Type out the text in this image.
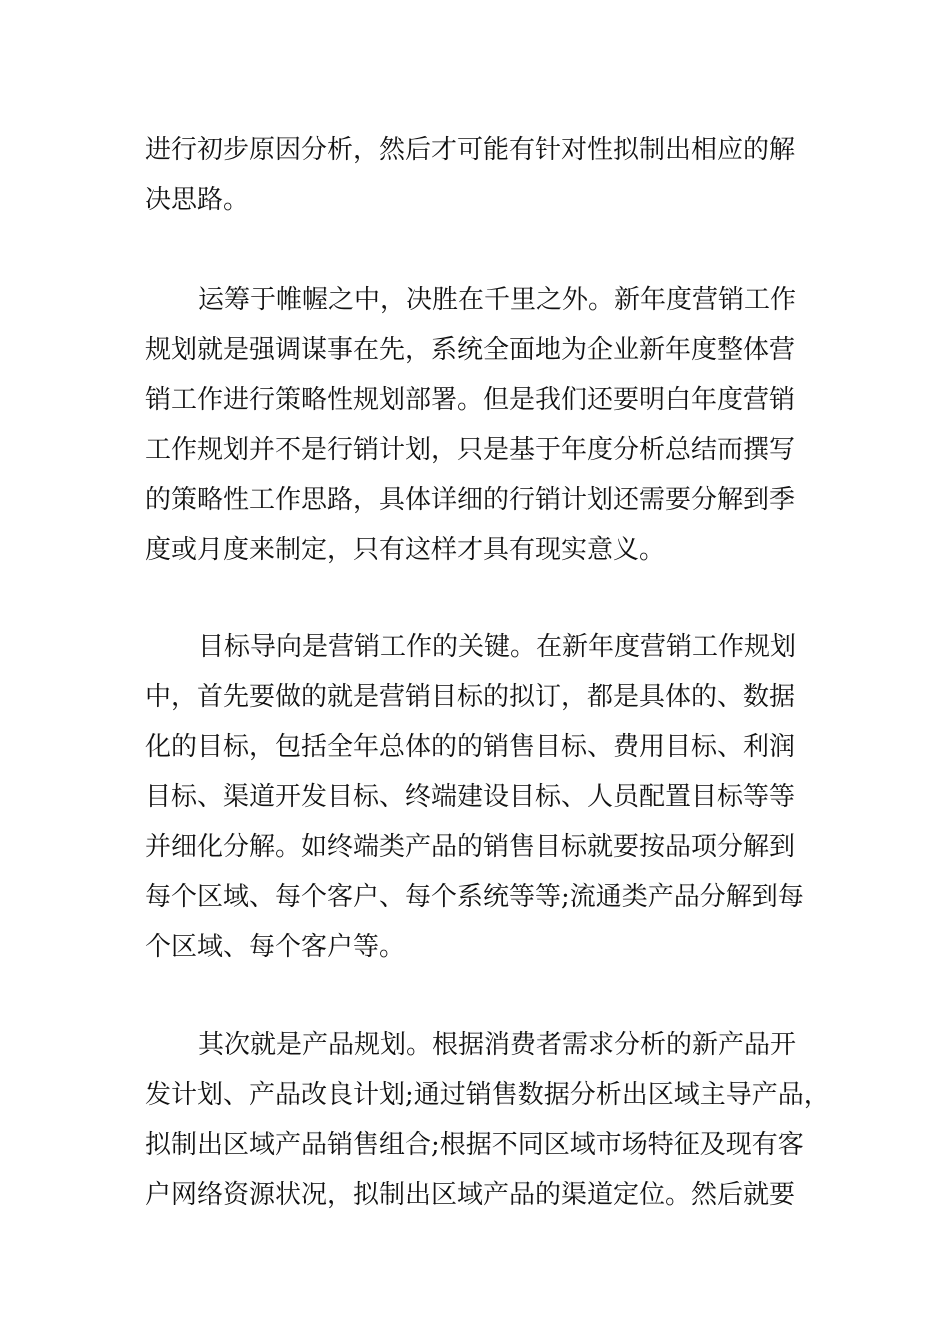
进行初步原因分析，然后才可能有针对性拟制出相应的解
决思路。
运筹于帷幄之中，决胜在千里之外。新年度营销工作
规划就是强调谋事在先，系统全面地为企业新年度整体营
销工作进行策略性规划部署。但是我们还要明白年度营销
工作规划并不是行销计划，只是基于年度分析总结而撰写
的策略性工作思路，具体详细的行销计划还需要分解到季
度或月度来制定，只有这样才具有现实意义。
目标导向是营销工作的关键。在新年度营销工作规划
中，首先要做的就是营销目标的拟订，都是具体的、数据
化的目标，包括全年总体的的销售目标、费用目标、利润
目标、渠道开发目标、终端建设目标、人员配置目标等等
并细化分解。如终端类产品的销售目标就要按品项分解到
每个区域、每个客户、每个系统等等;流通类产品分解到每
个区域、每个客户等。
其次就是产品规划。根据消费者需求分析的新产品开
发计划、产品改良计划;通过销售数据分析出区域主导产品，
拟制出区域产品销售组合;根据不同区域市场特征及现有客
户网络资源状况，拟制出区域产品的渠道定位。然后就要
